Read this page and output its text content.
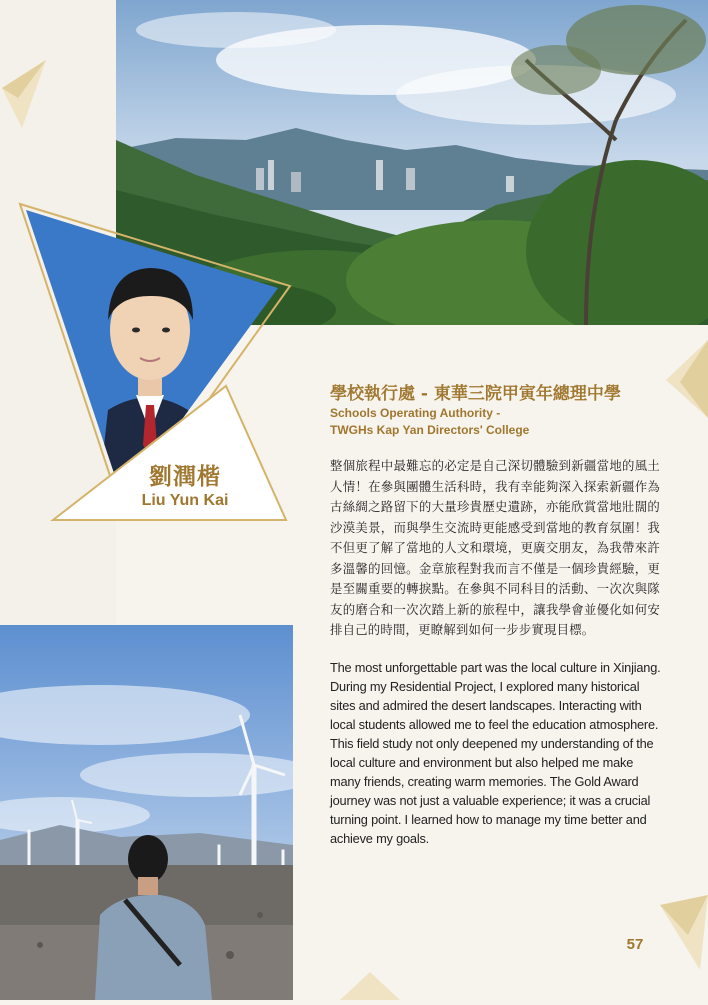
劉潤楷
Liu Yun Kai
學校執行處 - 東華三院甲寅年總理中學
Schools Operating Authority -
TWGHs Kap Yan Directors' College
整個旅程中最難忘的必定是自己深切體驗到新疆當地的風土人情！在參與團體生活科時，我有幸能夠深入探索新疆作為古絲綢之路留下的大量珍貴歷史遺跡，亦能欣賞當地壯闊的沙漠美景，而與學生交流時更能感受到當地的教育氛圍！我不但更了解了當地的人文和環境，更廣交朋友，為我帶來許多溫馨的回憶。金章旅程對我而言不僅是一個珍貴經驗，更是至關重要的轉捩點。在參與不同科目的活動、一次次與隊友的磨合和一次次踏上新的旅程中，讓我學會並優化如何安排自己的時間，更瞭解到如何一步步實現目標。
The most unforgettable part was the local culture in Xinjiang. During my Residential Project, I explored many historical sites and admired the desert landscapes. Interacting with local students allowed me to feel the education atmosphere. This field study not only deepened my understanding of the local culture and environment but also helped me make many friends, creating warm memories. The Gold Award journey was not just a valuable experience; it was a crucial turning point. I learned how to manage my time better and achieve my goals.
57
